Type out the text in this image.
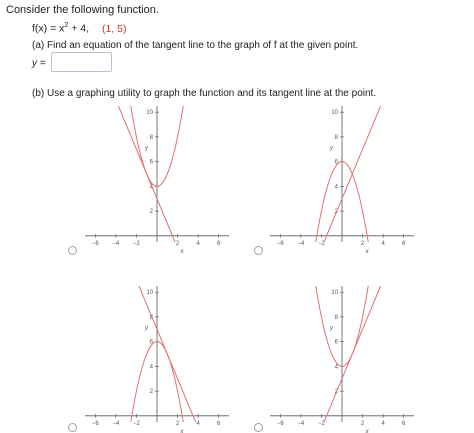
Consider the following function.
$f(x) = x^2 + 4$, (1, 5)
(a) Find an equation of the tangent line to the graph of f at the given point.
y =
(b) Use a graphing utility to graph the function and its tangent line at the point.
−6 −4 −2	2	4	6
2
4
6
8
10
y
x
−6 −4 −2	2	4	6
2
4
6
8
10
y
x
−6 −4 −2	2	4	6
2
4
6
8
10
y
x
−6 −4 −2	2	4	6
2
4
6
8
10
y
x
